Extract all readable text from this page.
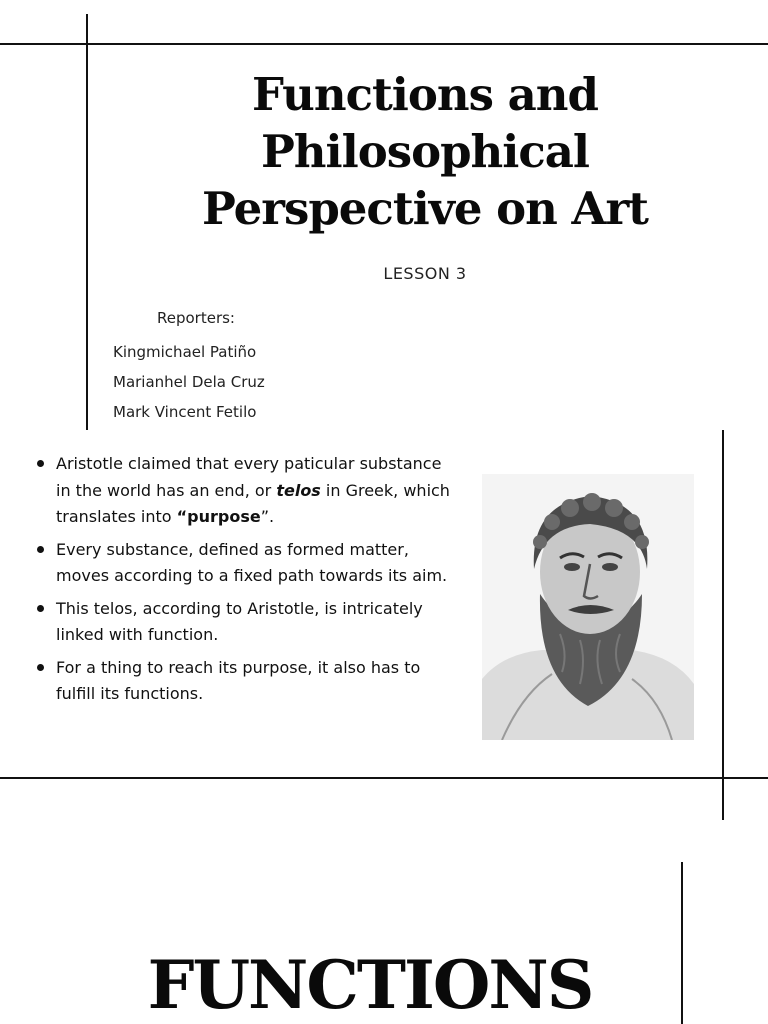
Functions and
Philosophical
Perspective on Art
LESSON 3
Reporters:
Kingmichael Patiño
Marianhel Dela Cruz
Mark Vincent Fetilo
Aristotle claimed that every paticular substance in the world has an end, or telos in Greek, which translates into “purpose”.
Every substance, defined as formed matter, moves according to a fixed path towards its aim.
This telos, according to Aristotle, is intricately linked with function.
For a thing to reach its purpose, it also has to fulfill its functions.
FUNCTIONS
